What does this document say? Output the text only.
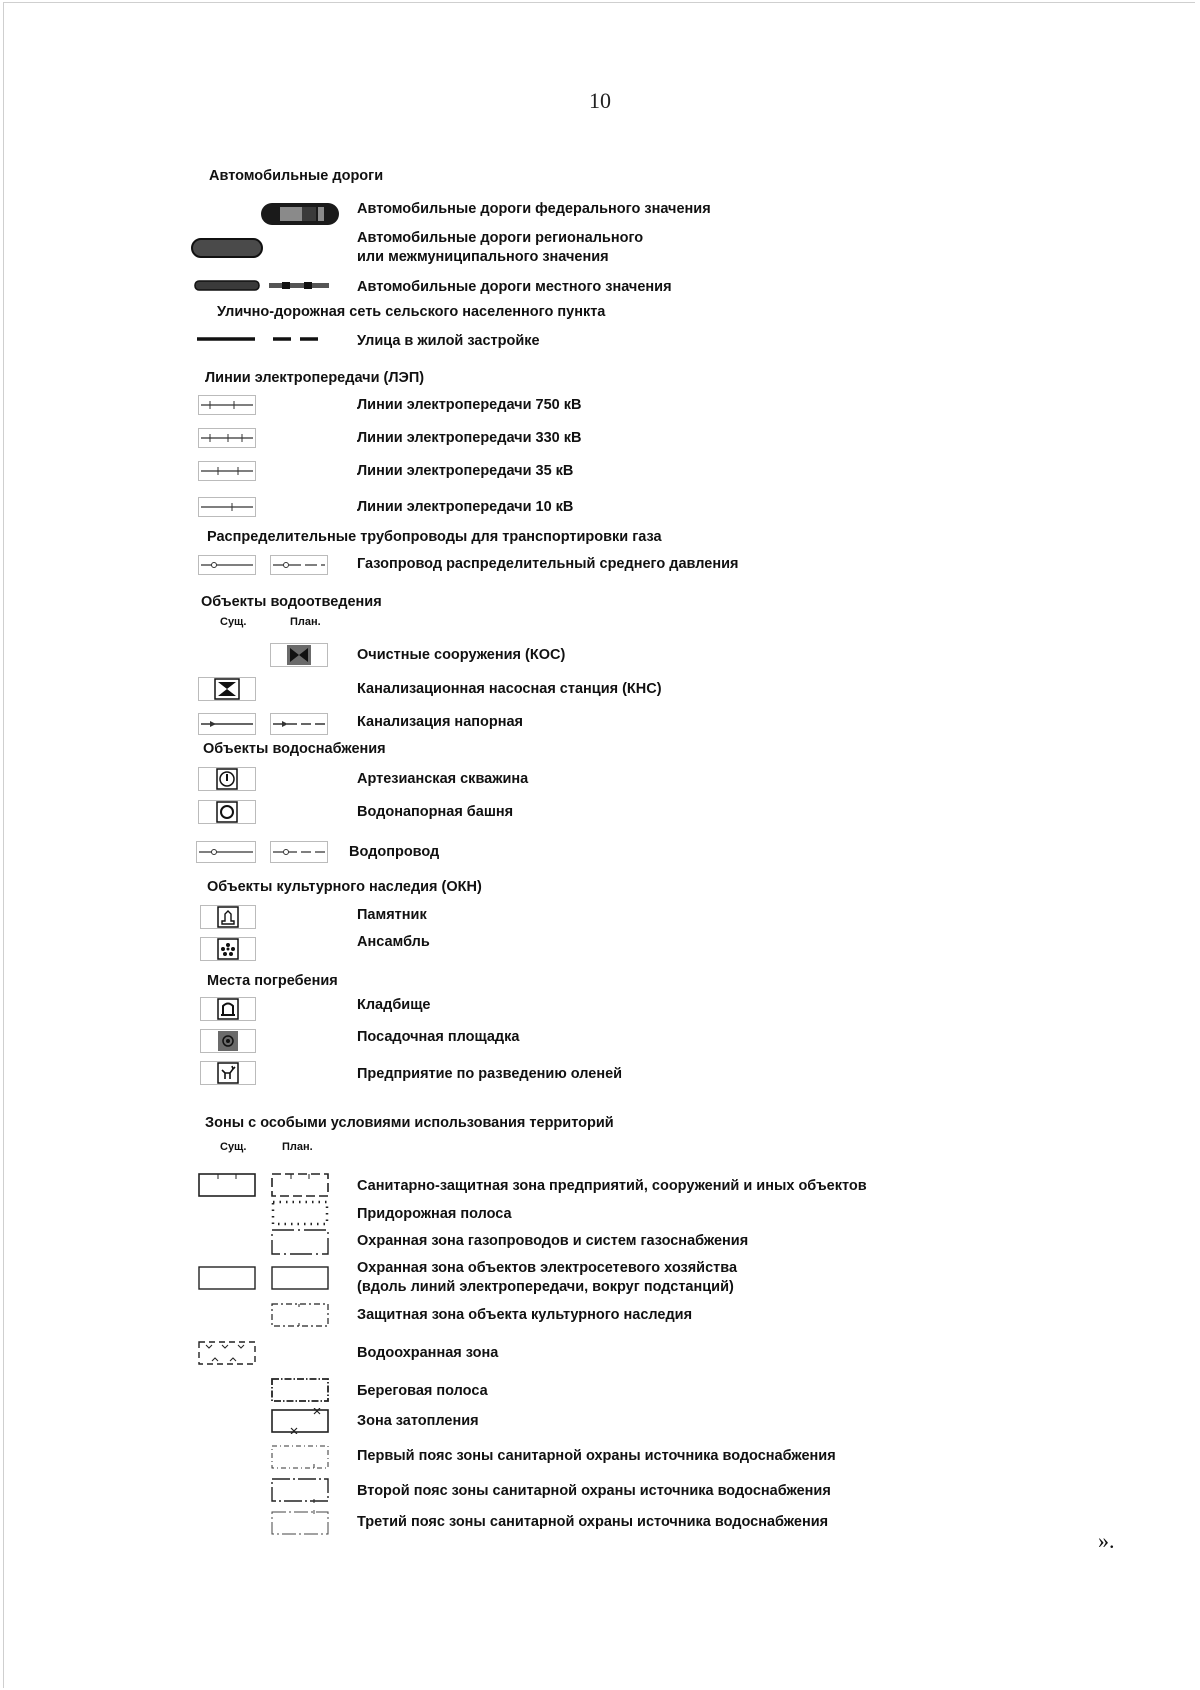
10
Автомобильные дороги
Автомобильные дороги федерального значения
Автомобильные дороги регионального
или межмуниципального значения
Автомобильные дороги местного значения
Улично-дорожная сеть сельского населенного пункта
Улица в жилой застройке
Линии электропередачи (ЛЭП)
Линии электропередачи 750 кВ
Линии электропередачи 330 кВ
Линии электропередачи 35 кВ
Линии электропередачи 10 кВ
Распределительные трубопроводы для транспортировки газа
Газопровод распределительный среднего давления
Объекты водоотведения
Сущ.	План.
Очистные сооружения (КОС)
Канализационная насосная станция (КНС)
Канализация напорная
Объекты водоснабжения
Артезианская скважина
Водонапорная башня
Водопровод
Объекты культурного наследия (ОКН)
Памятник
Ансамбль
Места погребения
Кладбище
Посадочная площадка
Предприятие по разведению оленей
Зоны с особыми условиями использования территорий
Сущ.	План.
Санитарно-защитная зона предприятий, сооружений и иных объектов
Придорожная полоса
Охранная зона газопроводов и систем газоснабжения
Охранная зона объектов электросетевого хозяйства
(вдоль линий электропередачи, вокруг подстанций)
Защитная зона объекта культурного наследия
Водоохранная зона
Береговая полоса
Зона затопления
Первый пояс зоны санитарной охраны источника водоснабжения
Второй пояс зоны санитарной охраны источника водоснабжения
Третий пояс зоны санитарной охраны источника водоснабжения
».
